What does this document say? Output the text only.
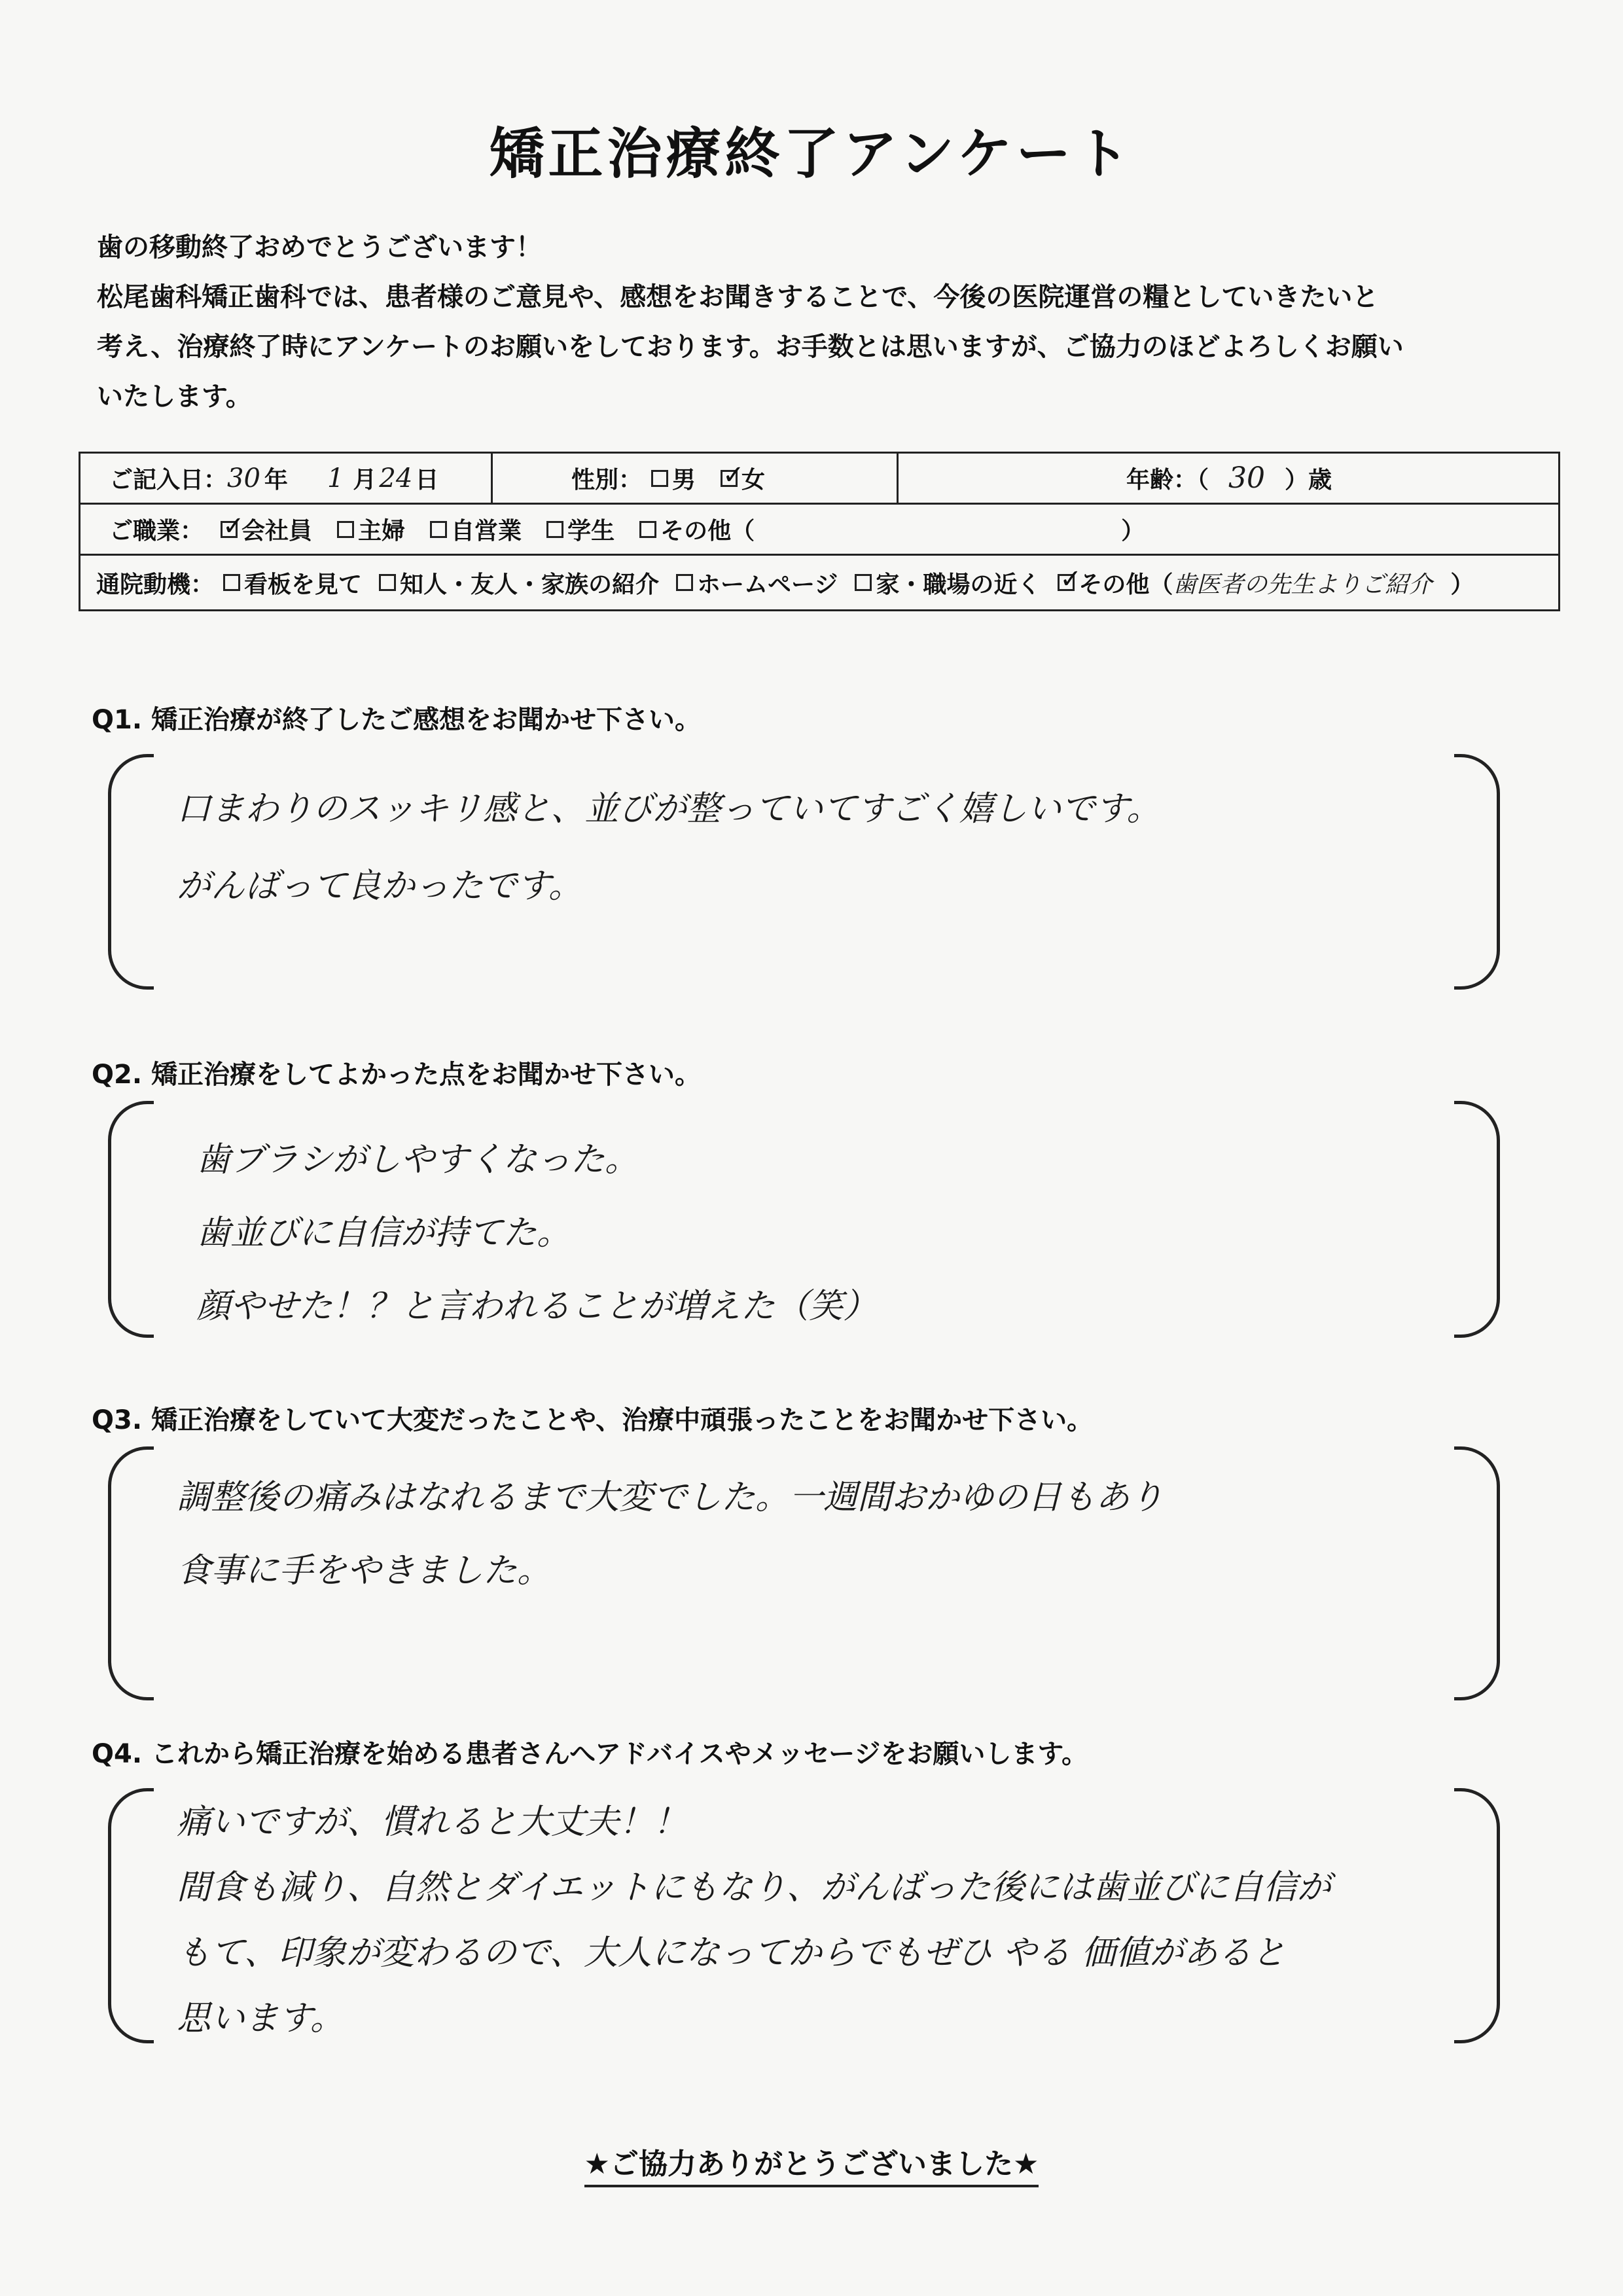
矯正治療終了アンケート
歯の移動終了おめでとうございます！
松尾歯科矯正歯科では、患者様のご意見や、感想をお聞きすることで、今後の医院運営の糧としていきたいと
考え、治療終了時にアンケートのお願いをしております。お手数とは思いますが、ご協力のほどよろしくお願い
いたします。
ご記入日： 30 年 1 月 24 日	性別： 男 ✓ 女	年齢：（ 30 ）歳
ご職業： ✓ 会社員 主婦 自営業 学生 その他（	）
通院動機： 看板を見て 知人・友人・家族の紹介 ホームページ 家・職場の近く ✓ その他（ 歯医者の先生よりご紹介 ）
Q1. 矯正治療が終了したご感想をお聞かせ下さい。
口まわりのスッキリ感と、並びが整っていてすごく嬉しいです。
がんばって良かったです。
Q2. 矯正治療をしてよかった点をお聞かせ下さい。
歯ブラシがしやすくなった。
歯並びに自信が持てた。
顔やせた！？と言われることが増えた（笑）
Q3. 矯正治療をしていて大変だったことや、治療中頑張ったことをお聞かせ下さい。
調整後の痛みはなれるまで大変でした。一週間おかゆの日もあり
食事に手をやきました。
Q4. これから矯正治療を始める患者さんへアドバイスやメッセージをお願いします。
痛いですが、慣れると大丈夫！！
間食も減り、自然とダイエットにもなり、がんばった後には歯並びに自信が
もて、印象が変わるので、大人になってからでもぜひ やる 価値があると
思います。
★ご協力ありがとうございました★
